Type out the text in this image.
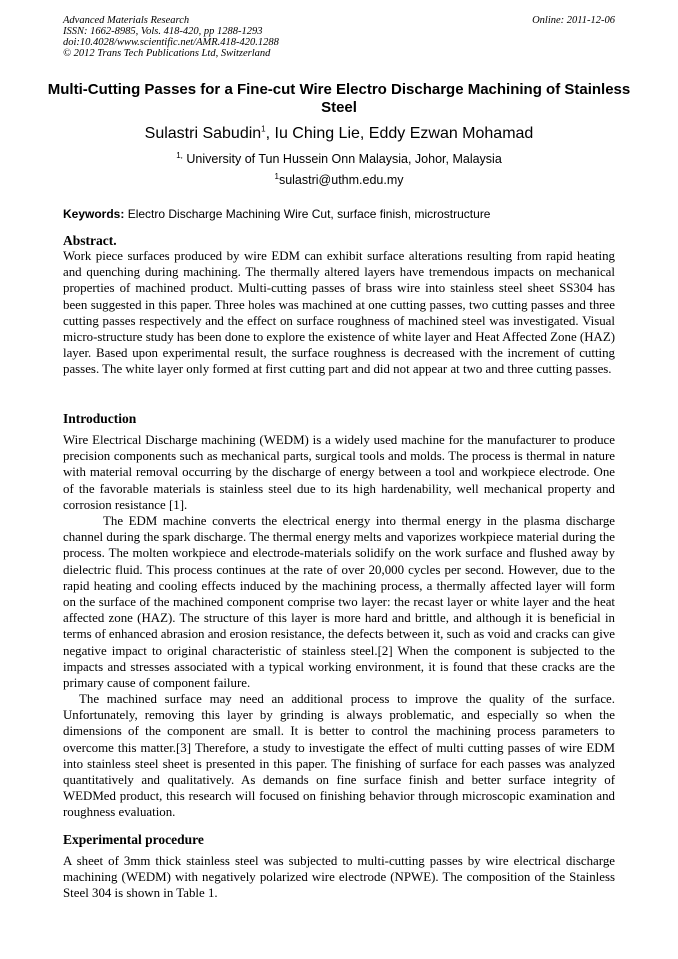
Advanced Materials Research
ISSN: 1662-8985, Vols. 418-420, pp 1288-1293
doi:10.4028/www.scientific.net/AMR.418-420.1288
© 2012 Trans Tech Publications Ltd, Switzerland
Online: 2011-12-06
Multi-Cutting Passes for a Fine-cut Wire Electro Discharge Machining of Stainless Steel
Sulastri Sabudin$^1$, Iu Ching Lie, Eddy Ezwan Mohamad
$^{1,}$ University of Tun Hussein Onn Malaysia, Johor, Malaysia
$^1$sulastri@uthm.edu.my
Keywords: Electro Discharge Machining Wire Cut, surface finish, microstructure
Abstract.
Work piece surfaces produced by wire EDM can exhibit surface alterations resulting from rapid heating and quenching during machining. The thermally altered layers have tremendous impacts on mechanical properties of machined product. Multi-cutting passes of brass wire into stainless steel sheet SS304 has been suggested in this paper. Three holes was machined at one cutting passes, two cutting passes and three cutting passes respectively and the effect on surface roughness of machined steel was investigated. Visual micro-structure study has been done to explore the existence of white layer and Heat Affected Zone (HAZ) layer. Based upon experimental result, the surface roughness is decreased with the increment of cutting passes. The white layer only formed at first cutting part and did not appear at two and three cutting passes.
Introduction
Wire Electrical Discharge machining (WEDM) is a widely used machine for the manufacturer to produce precision components such as mechanical parts, surgical tools and molds. The process is thermal in nature with material removal occurring by the discharge of energy between a tool and workpiece electrode. One of the favorable materials is stainless steel due to its high hardenability, well mechanical property and corrosion resistance [1].
The EDM machine converts the electrical energy into thermal energy in the plasma discharge channel during the spark discharge. The thermal energy melts and vaporizes workpiece material during the process. The molten workpiece and electrode-materials solidify on the work surface and flushed away by dielectric fluid. This process continues at the rate of over 20,000 cycles per second. However, due to the rapid heating and cooling effects induced by the machining process, a thermally affected layer will form on the surface of the machined component comprise two layer: the recast layer or white layer and the heat affected zone (HAZ). The structure of this layer is more hard and brittle, and although it is beneficial in terms of enhanced abrasion and erosion resistance, the defects between it, such as void and cracks can give negative impact to original characteristic of stainless steel.[2] When the component is subjected to the impacts and stresses associated with a typical working environment, it is found that these cracks are the primary cause of component failure.
The machined surface may need an additional process to improve the quality of the surface. Unfortunately, removing this layer by grinding is always problematic, and especially so when the dimensions of the component are small. It is better to control the machining process parameters to overcome this matter.[3] Therefore, a study to investigate the effect of multi cutting passes of wire EDM into stainless steel sheet is presented in this paper. The finishing of surface for each passes was analyzed quantitatively and qualitatively. As demands on fine surface finish and better surface integrity of WEDMed product, this research will focused on finishing behavior through microscopic examination and roughness evaluation.
Experimental procedure
A sheet of 3mm thick stainless steel was subjected to multi-cutting passes by wire electrical discharge machining (WEDM) with negatively polarized wire electrode (NPWE). The composition of the Stainless Steel 304 is shown in Table 1.
